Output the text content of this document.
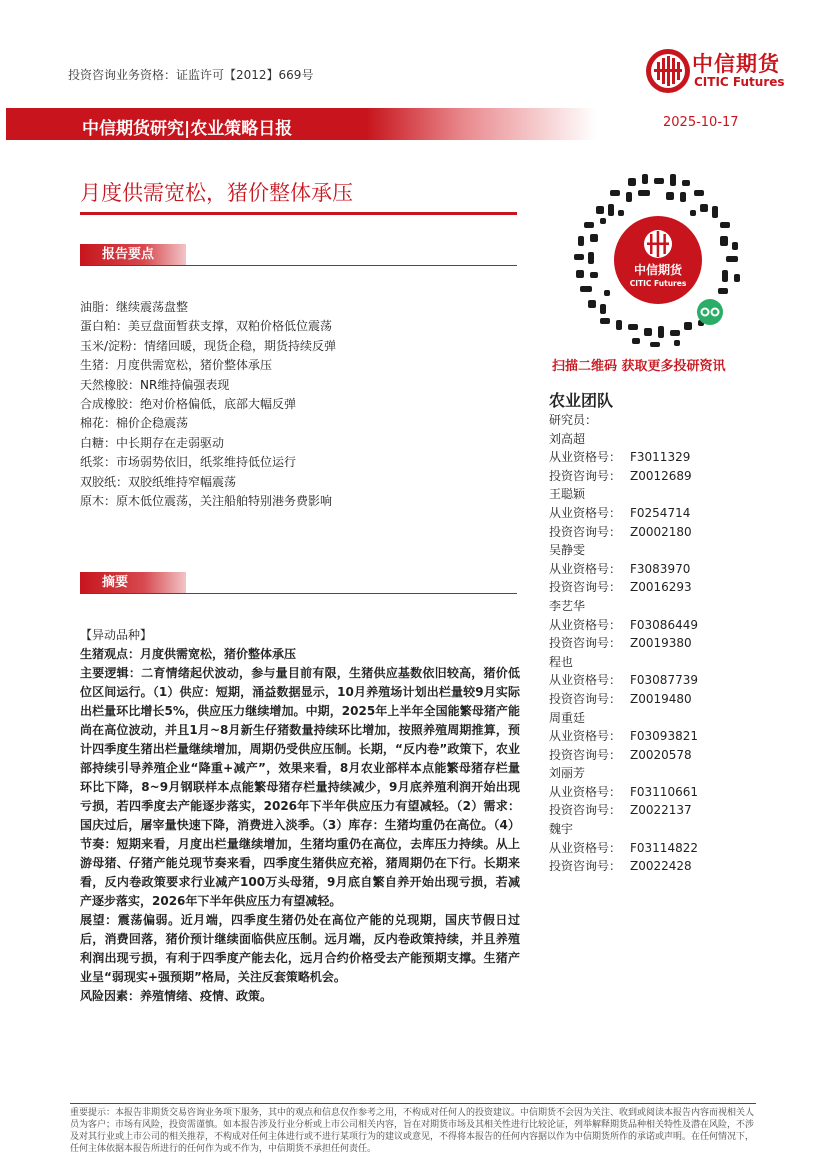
投资咨询业务资格：证监许可【2012】669号	中信期货
CITIC Futures
中信期货研究|农业策略日报	2025-10-17
月度供需宽松，猪价整体承压
报告要点
油脂：继续震荡盘整
蛋白粕：美豆盘面暂获支撑，双粕价格低位震荡
玉米/淀粉：情绪回暖，现货企稳，期货持续反弹
生猪：月度供需宽松，猪价整体承压
天然橡胶：NR维持偏强表现
合成橡胶：绝对价格偏低，底部大幅反弹
棉花：棉价企稳震荡
白糖：中长期存在走弱驱动
纸浆：市场弱势依旧，纸浆维持低位运行
双胶纸：双胶纸维持窄幅震荡
原木：原木低位震荡，关注船舶特别港务费影响
摘要

【异动品种】

生猪观点：月度供需宽松，猪价整体承压

主要逻辑：二育情绪起伏波动，参与量目前有限，生猪供应基数依旧较高，猪价低位区间运行。（1）供应：短期，涌益数据显示，10月养殖场计划出栏量较9月实际出栏量环比增长5%，供应压力继续增加。中期，2025年上半年全国能繁母猪产能尚在高位波动，并且1月~8月新生仔猪数量持续环比增加，按照养殖周期推算，预计四季度生猪出栏量继续增加，周期仍受供应压制。长期，“反内卷”政策下，农业部持续引导养殖企业“降重+减产”，效果来看，8月农业部样本点能繁母猪存栏量环比下降，8~9月钢联样本点能繁母猪存栏量持续减少，9月底养殖利润开始出现亏损，若四季度去产能逐步落实，2026年下半年供应压力有望减轻。（2）需求：国庆过后，屠宰量快速下降，消费进入淡季。（3）库存：生猪均重仍在高位。（4）节奏：短期来看，月度出栏量继续增加，生猪均重仍在高位，去库压力持续。从上游母猪、仔猪产能兑现节奏来看，四季度生猪供应充裕，猪周期仍在下行。长期来看，反内卷政策要求行业减产100万头母猪，9月底自繁自养开始出现亏损，若减产逐步落实，2026年下半年供应压力有望减轻。

展望：震荡偏弱。近月端，四季度生猪仍处在高位产能的兑现期，国庆节假日过后，消费回落，猪价预计继续面临供应压制。远月端，反内卷政策持续，并且养殖利润出现亏损，有利于四季度产能去化，远月合约价格受去产能预期支撑。生猪产业呈“弱现实+强预期”格局，关注反套策略机会。

风险因素：养殖情绪、疫情、政策。

中信期货
CITIC Futures
扫描二维码 获取更多投研资讯
农业团队
研究员：
刘高超
从业资格号： F3011329
投资咨询号： Z0012689
王聪颖
从业资格号： F0254714
投资咨询号： Z0002180
吴静雯
从业资格号： F3083970
投资咨询号： Z0016293
李艺华
从业资格号： F03086449
投资咨询号： Z0019380
程也
从业资格号： F03087739
投资咨询号： Z0019480
周重廷
从业资格号： F03093821
投资咨询号： Z0020578
刘丽芳
从业资格号： F03110661
投资咨询号： Z0022137
魏宇
从业资格号： F03114822
投资咨询号： Z0022428
重要提示：本报告非期货交易咨询业务项下服务，其中的观点和信息仅作参考之用，不构成对任何人的投资建议。中信期货不会因为关注、收到或阅读本报告内容而视相关人员为客户；市场有风险，投资需谨慎。如本报告涉及行业分析或上市公司相关内容，旨在对期货市场及其相关性进行比较论证，列举解释期货品种相关特性及潜在风险，不涉及对其行业或上市公司的相关推荐，不构成对任何主体进行或不进行某项行为的建议或意见，不得将本报告的任何内容据以作为中信期货所作的承诺或声明。在任何情况下，任何主体依据本报告所进行的任何作为或不作为，中信期货不承担任何责任。
